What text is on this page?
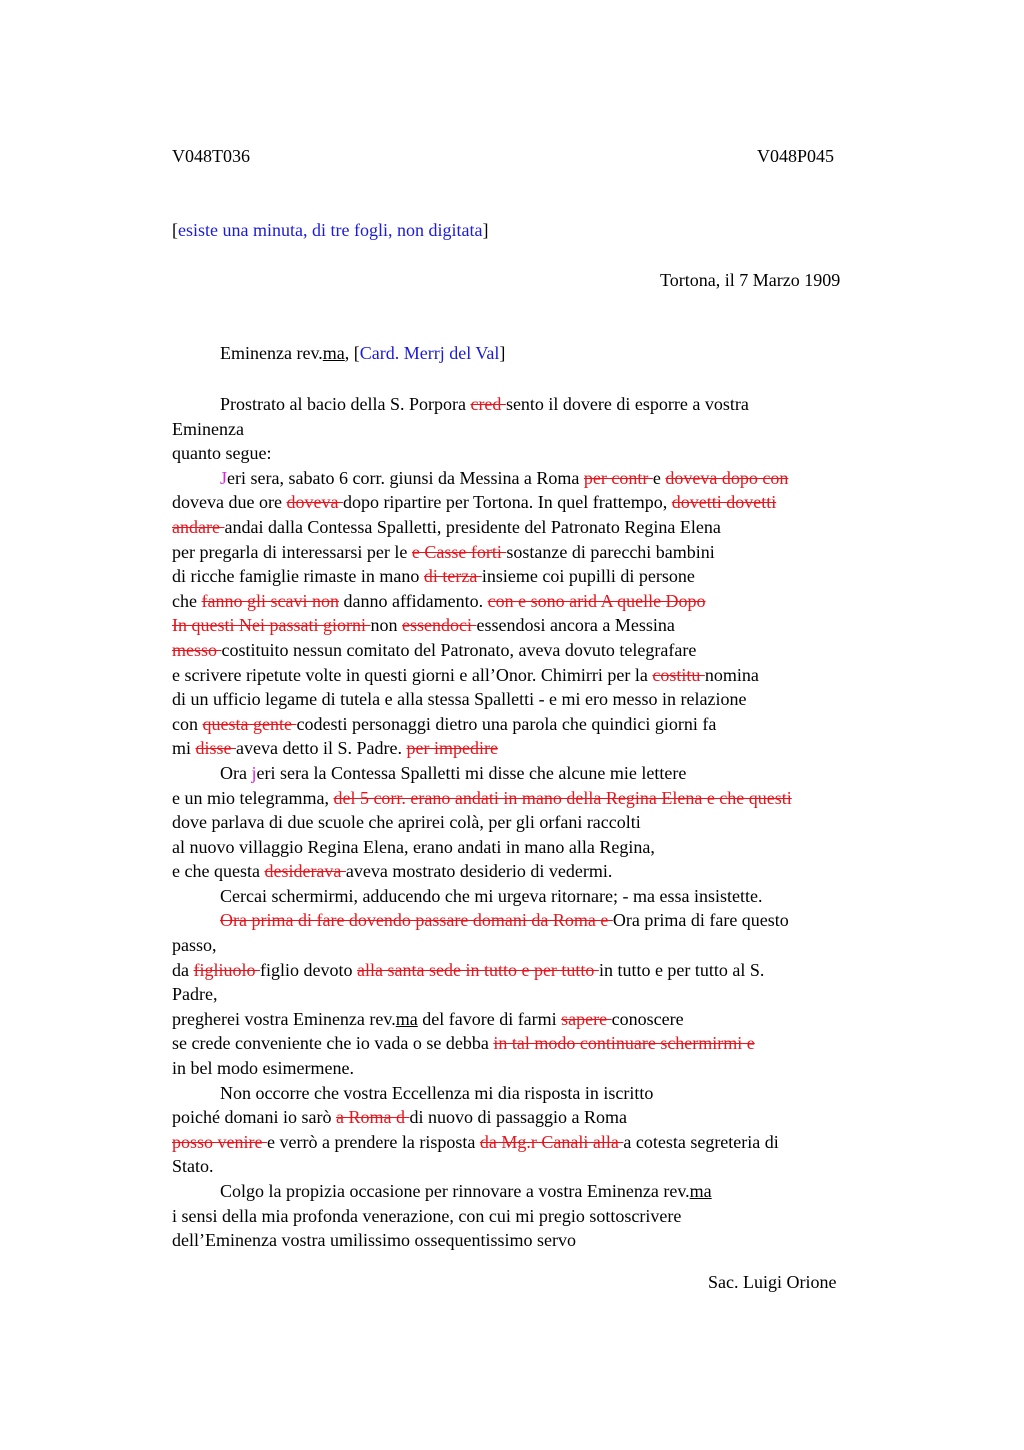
V048T036	V048P045
[esiste una minuta, di tre fogli, non digitata]
Tortona, il 7 Marzo 1909
Eminenza rev.ma, [Card. Merrj del Val]
Prostrato al bacio della S. Porpora cred sento il dovere di esporre a vostra
Eminenza
quanto segue:
Jeri sera, sabato 6 corr. giunsi da Messina a Roma per contr e doveva dopo con
doveva due ore doveva dopo ripartire per Tortona. In quel frattempo, dovetti dovetti
andare andai dalla Contessa Spalletti, presidente del Patronato Regina Elena
per pregarla di interessarsi per le e Casse forti sostanze di parecchi bambini
di ricche famiglie rimaste in mano di terza insieme coi pupilli di persone
che fanno gli scavi non danno affidamento. con e sono arid A quelle Dopo
In questi Nei passati giorni non essendoci essendosi ancora a Messina
messo costituito nessun comitato del Patronato, aveva dovuto telegrafare
e scrivere ripetute volte in questi giorni e all’Onor. Chimirri per la costitu nomina
di un ufficio legame di tutela e alla stessa Spalletti - e mi ero messo in relazione
con questa gente codesti personaggi dietro una parola che quindici giorni fa
mi disse aveva detto il S. Padre. per impedire
Ora jeri sera la Contessa Spalletti mi disse che alcune mie lettere
e un mio telegramma, del 5 corr. erano andati in mano della Regina Elena e che questi
dove parlava di due scuole che aprirei colà, per gli orfani raccolti
al nuovo villaggio Regina Elena, erano andati in mano alla Regina,
e che questa desiderava aveva mostrato desiderio di vedermi.
Cercai schermirmi, adducendo che mi urgeva ritornare; - ma essa insistette.
Ora prima di fare dovendo passare domani da Roma e Ora prima di fare questo
passo,
da figliuolo figlio devoto alla santa sede in tutto e per tutto in tutto e per tutto al S.
Padre,
pregherei vostra Eminenza rev.ma del favore di farmi sapere conoscere
se crede conveniente che io vada o se debba in tal modo continuare schermirmi e
in bel modo esimermene.
Non occorre che vostra Eccellenza mi dia risposta in iscritto
poiché domani io sarò a Roma d di nuovo di passaggio a Roma
posso venire e verrò a prendere la risposta da Mg.r Canali alla a cotesta segreteria di
Stato.
Colgo la propizia occasione per rinnovare a vostra Eminenza rev.ma
i sensi della mia profonda venerazione, con cui mi pregio sottoscrivere
dell’Eminenza vostra umilissimo ossequentissimo servo
Sac. Luigi Orione
